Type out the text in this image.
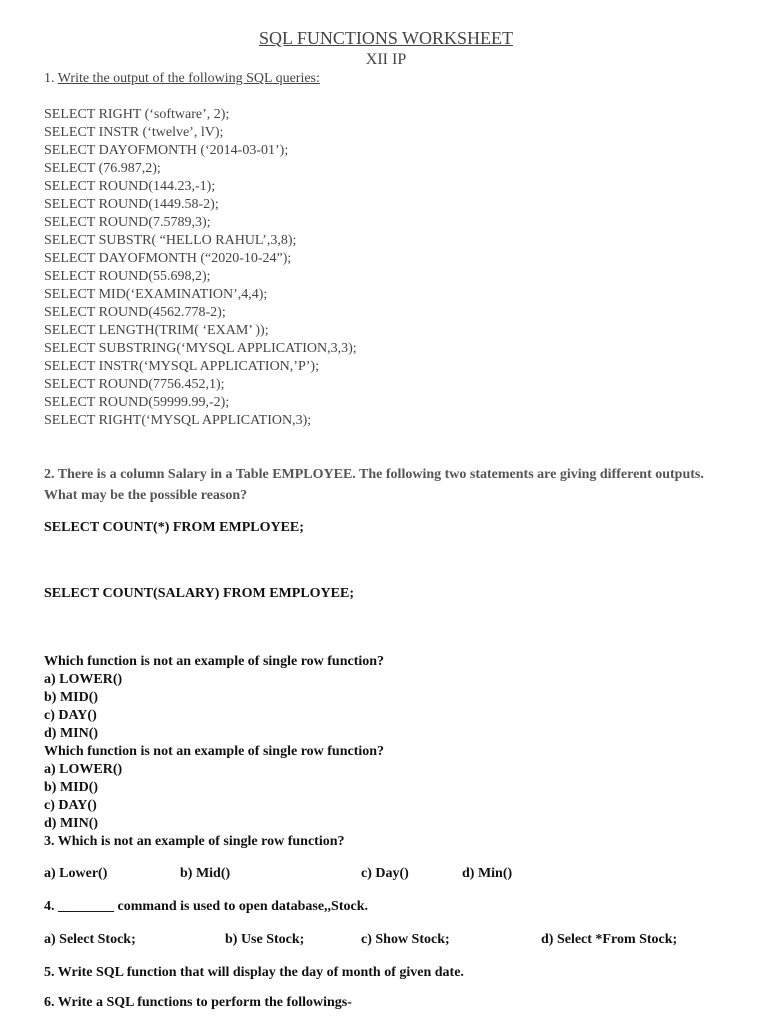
SQL FUNCTIONS WORKSHEET
XII IP
1. Write the output of the following SQL queries:
SELECT RIGHT (‘software’, 2);
SELECT INSTR (‘twelve’, lV);
SELECT DAYOFMONTH (‘2014-03-01’);
SELECT (76.987,2);
SELECT ROUND(144.23,-1);
SELECT ROUND(1449.58-2);
SELECT ROUND(7.5789,3);
SELECT SUBSTR( “HELLO RAHUL’,3,8);
SELECT DAYOFMONTH (“2020-10-24”);
SELECT ROUND(55.698,2);
SELECT MID(‘EXAMINATION’,4,4);
SELECT ROUND(4562.778-2);
SELECT LENGTH(TRIM( ‘EXAM’ ));
SELECT SUBSTRING(‘MYSQL APPLICATION,3,3);
SELECT INSTR(‘MYSQL APPLICATION,’P’);
SELECT ROUND(7756.452,1);
SELECT ROUND(59999.99,-2);
SELECT RIGHT(‘MYSQL APPLICATION,3);
2. There is a column Salary in a Table EMPLOYEE. The following two statements are giving different outputs. What may be the possible reason?
SELECT COUNT(*) FROM EMPLOYEE;
SELECT COUNT(SALARY) FROM EMPLOYEE;
Which function is not an example of single row function?
a) LOWER()
b) MID()
c) DAY()
d) MIN()
Which function is not an example of single row function?
a) LOWER()
b) MID()
c) DAY()
d) MIN()
3. Which is not an example of single row function?
a) Lower()	b) Mid()	c) Day()	d) Min()
4. ________ command is used to open database,,Stock.
a) Select Stock;	b) Use Stock;	c) Show Stock;	d) Select *From Stock;
5. Write SQL function that will display the day of month of given date.
6. Write a SQL functions to perform the followings-
